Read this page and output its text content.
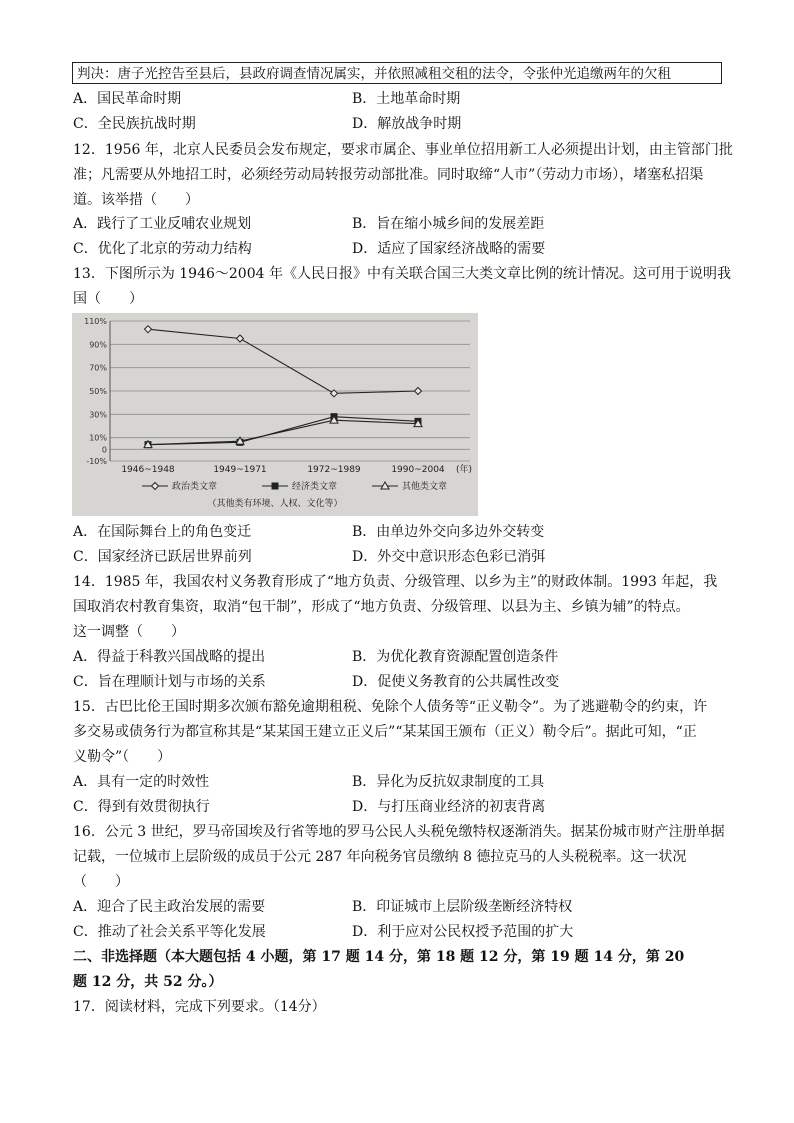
判决：唐子光控告至县后，县政府调查情况属实，并依照减租交租的法令，令张仲光追缴两年的欠租
A．国民革命时期	B．土地革命时期
C．全民族抗战时期	D．解放战争时期
12．1956 年，北京人民委员会发布规定，要求市属企、事业单位招用新工人必须提出计划，由主管部门批
准；凡需要从外地招工时，必须经劳动局转报劳动部批准。同时取缔“人市”（劳动力市场），堵塞私招渠
道。该举措（　　）
A．践行了工业反哺农业规划	B．旨在缩小城乡间的发展差距
C．优化了北京的劳动力结构	D．适应了国家经济战略的需要
13．下图所示为 1946～2004 年《人民日报》中有关联合国三大类文章比例的统计情况。这可用于说明我
国（　　）
110%
90%
70%
50%
30%
10%
0
-10%
1946~1948	1949~1971	1972~1989	1990~2004 (年)
政治类文章	经济类文章	其他类文章
（其他类有环境、人权、文化等）
A．在国际舞台上的角色变迁	B．由单边外交向多边外交转变
C．国家经济已跃居世界前列	D．外交中意识形态色彩已消弭
14．1985 年，我国农村义务教育形成了“地方负责、分级管理、以乡为主”的财政体制。1993 年起，我
国取消农村教育集资，取消“包干制”，形成了“地方负责、分级管理、以县为主、乡镇为辅”的特点。
这一调整（　　）
A．得益于科教兴国战略的提出	B．为优化教育资源配置创造条件
C．旨在理顺计划与市场的关系	D．促使义务教育的公共属性改变
15．古巴比伦王国时期多次颁布豁免逾期租税、免除个人债务等“正义勒令”。为了逃避勒令的约束，许
多交易或债务行为都宣称其是“某某国王建立正义后”“某某国王颁布（正义）勒令后”。据此可知，“正
义勒令”（　　）
A．具有一定的时效性	B．异化为反抗奴隶制度的工具
C．得到有效贯彻执行	D．与打压商业经济的初衷背离
16．公元 3 世纪，罗马帝国埃及行省等地的罗马公民人头税免缴特权逐渐消失。据某份城市财产注册单据
记载，一位城市上层阶级的成员于公元 287 年向税务官员缴纳 8 德拉克马的人头税税率。这一状况
（　　）
A．迎合了民主政治发展的需要	B．印证城市上层阶级垄断经济特权
C．推动了社会关系平等化发展	D．利于应对公民权授予范围的扩大
二、非选择题（本大题包括 4 小题，第 17 题 14 分，第 18 题 12 分，第 19 题 14 分，第 20
题 12 分，共 52 分。）
17．阅读材料，完成下列要求。（14分）
